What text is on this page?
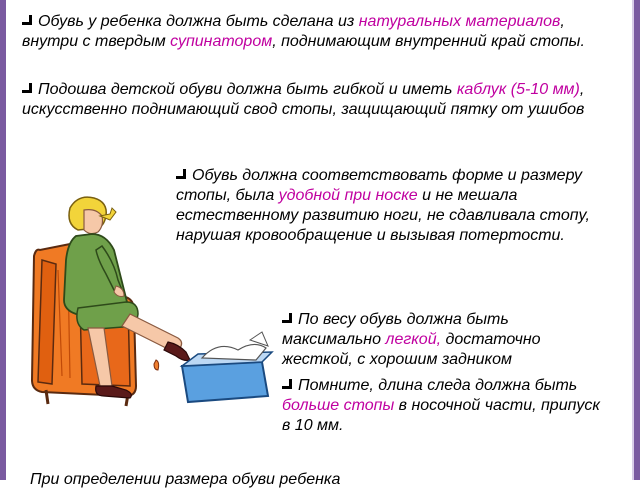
Обувь у ребенка должна быть сделана из натуральных материалов, внутри с твердым супинатором, поднимающим внутренний край стопы.

Подошва детской обуви должна быть гибкой и иметь каблук (5-10 мм), искусственно поднимающий свод стопы, защищающий пятку от ушибов

Обувь должна соответствовать форме и размеру стопы, была удобной при носке и не мешала естественному развитию ноги, не сдавливала стопу, нарушая кровообращение и вызывая потертости.

По весу обувь должна быть максимально легкой, достаточно жесткой, с хорошим задником

Помните, длина следа должна быть больше стопы в носочной части, припуск в 10 мм.

При определении размера обуви ребенка
